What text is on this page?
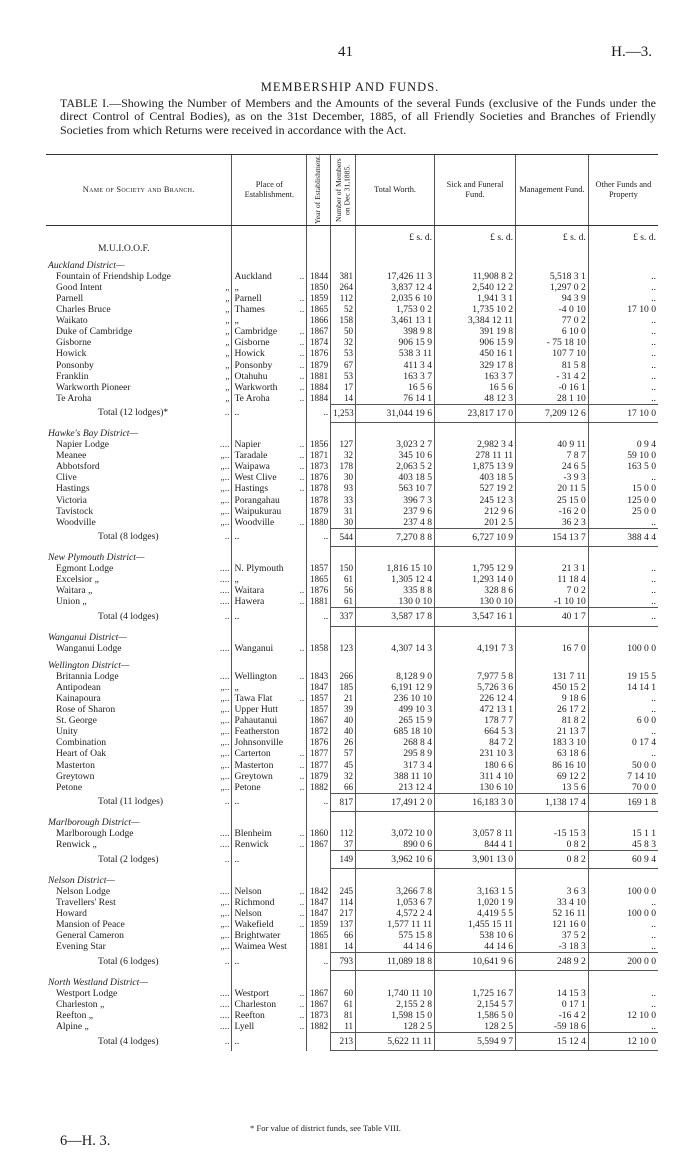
41	H.—3.
MEMBERSHIP AND FUNDS.
TABLE I.—Showing the Number of Members and the Amounts of the several Funds (exclusive of the Funds under the direct Control of Central Bodies), as on the 31st December, 1885, of all Friendly Societies and Branches of Friendly Societies from which Returns were received in accordance with the Act.
Name of Society and Branch.	Place of Establishment.	Year of Establishment.	Number of Members on Dec 31,1885.	Total Worth.	Sick and Funeral Fund.	Management Fund.	Other Funds and Property
				£ s. d.	£ s. d.	£ s. d.	£ s. d.
M.U.I.O.O.F.							
Auckland District—							

Fountain of Friendship Lodge	Auckland ..	1844	381	17,426 11 3	11,908 8 2	5,518 3 1	..

Good Intent „	„	1850	264	3,837 12 4	2,540 12 2	1,297 0 2	..

Parnell „	Parnell ..	1859	112	2,035 6 10	1,941 3 1	94 3 9	..

Charles Bruce „	Thames ..	1865	52	1,753 0 2	1,735 10 2	-4 0 10	17 10 0

Waikato „	„	1866	158	3,461 13 1	3,384 12 11	77 0 2	..

Duke of Cambridge „	Cambridge ..	1867	50	398 9 8	391 19 8	6 10 0	..

Gisborne „	Gisborne ..	1874	32	906 15 9	906 15 9	- 75 18 10	..

Howick „	Howick ..	1876	53	538 3 11	450 16 1	107 7 10	..

Ponsonby „	Ponsonby ..	1879	67	411 3 4	329 17 8	81 5 8	..

Franklin „	Otahuhu ..	1881	53	163 3 7	163 3 7	- 31 4 2	..

Warkworth Pioneer „	Warkworth ..	1884	17	16 5 6	16 5 6	-0 16 1	..

Te Aroha „	Te Aroha ..	1884	14	76 14 1	48 12 3	28 1 10	..

Total (12 lodges)* ..	..	..	1,253	31,044 19 6	23,817 17 0	7,209 12 6	17 10 0
Hawke's Bay District—							

Napier Lodge ....	Napier ..	1856	127	3,023 2 7	2,982 3 4	40 9 11	0 9 4

Meanee „..	Taradale ..	1871	32	345 10 6	278 11 11	7 8 7	59 10 0

Abbotsford „..	Waipawa ..	1873	178	2,063 5 2	1,875 13 9	24 6 5	163 5 0

Clive „..	West Clive ..	1876	30	403 18 5	403 18 5	-3 9 3	..

Hastings „..	Hastings ..	1878	93	563 10 7	527 19 2	20 11 5	15 0 0

Victoria „..	Porangahau	1878	33	396 7 3	245 12 3	25 15 0	125 0 0

Tavistock „..	Waipukurau	1879	31	237 9 6	212 9 6	-16 2 0	25 0 0

Woodville „..	Woodville ..	1880	30	237 4 8	201 2 5	36 2 3	..

Total (8 lodges) ..	..	..	544	7,270 8 8	6,727 10 9	154 13 7	388 4 4
New Plymouth District—							

Egmont Lodge ....	N. Plymouth	1857	150	1,816 15 10	1,795 12 9	21 3 1	..

Excelsior „ ....	„	1865	61	1,305 12 4	1,293 14 0	11 18 4	..

Waitara „ ....	Waitara ..	1876	56	335 8 8	328 8 6	7 0 2	..

Union „ ....	Hawera ..	1881	61	130 0 10	130 0 10	-1 10 10	..

Total (4 lodges) ..	..	..	337	3,587 17 8	3,547 16 1	40 1 7	..
Wanganui District—							

Wanganui Lodge ....	Wanganui ..	1858	123	4,307 14 3	4,191 7 3	16 7 0	100 0 0
Wellington District—							

Britannia Lodge ....	Wellington ..	1843	266	8,128 9 0	7,977 5 8	131 7 11	19 15 5

Antipodean „..	„	1847	185	6,191 12 9	5,726 3 6	450 15 2	14 14 1

Kainapoura „..	Tawa Flat ..	1857	21	236 10 10	226 12 4	9 18 6	..

Rose of Sharon „..	Upper Hutt	1857	39	499 10 3	472 13 1	26 17 2	..

St. George „..	Pahautanui	1867	40	265 15 9	178 7 7	81 8 2	6 0 0

Unity „..	Featherston	1872	40	685 18 10	664 5 3	21 13 7	..

Combination „..	Johnsonville	1876	26	268 8 4	84 7 2	183 3 10	0 17 4

Heart of Oak „..	Carterton ..	1877	57	295 8 9	231 10 3	63 18 6	..

Masterton „..	Masterton ..	1877	45	317 3 4	180 6 6	86 16 10	50 0 0

Greytown „..	Greytown ..	1879	32	388 11 10	311 4 10	69 12 2	7 14 10

Petone „..	Petone ..	1882	66	213 12 4	130 6 10	13 5 6	70 0 0

Total (11 lodges) ..	..	..	817	17,491 2 0	16,183 3 0	1,138 17 4	169 1 8
Marlborough District—							

Marlborough Lodge ....	Blenheim ..	1860	112	3,072 10 0	3,057 8 11	-15 15 3	15 1 1

Renwick „ ....	Renwick ..	1867	37	890 0 6	844 4 1	0 8 2	45 8 3

Total (2 lodges) ..	..		149	3,962 10 6	3,901 13 0	0 8 2	60 9 4
Nelson District—							

Nelson Lodge ....	Nelson ..	1842	245	3,266 7 8	3,163 1 5	3 6 3	100 0 0

Travellers' Rest „..	Richmond ..	1847	114	1,053 6 7	1,020 1 9	33 4 10	..

Howard „..	Nelson ..	1847	217	4,572 2 4	4,419 5 5	52 16 11	100 0 0

Mansion of Peace „..	Wakefield ..	1859	137	1,577 11 11	1,455 15 11	121 16 0	..

General Cameron „..	Brightwater	1865	66	575 15 8	538 10 6	37 5 2	..

Evening Star „..	Waimea West	1881	14	44 14 6	44 14 6	-3 18 3	..

Total (6 lodges) ..	..	..	793	11,089 18 8	10,641 9 6	248 9 2	200 0 0
North Westland District—							

Westport Lodge ....	Westport ..	1867	60	1,740 11 10	1,725 16 7	14 15 3	..

Charleston „ ....	Charleston ..	1867	61	2,155 2 8	2,154 5 7	0 17 1	..

Reefton „ ....	Reefton ..	1873	81	1,598 15 0	1,586 5 0	-16 4 2	12 10 0

Alpine „ ....	Lyell ..	1882	11	128 2 5	128 2 5	-59 18 6	..

Total (4 lodges) ..	..		213	5,622 11 11	5,594 9 7	15 12 4	12 10 0
* For value of district funds, see Table VIII.
6—H. 3.
